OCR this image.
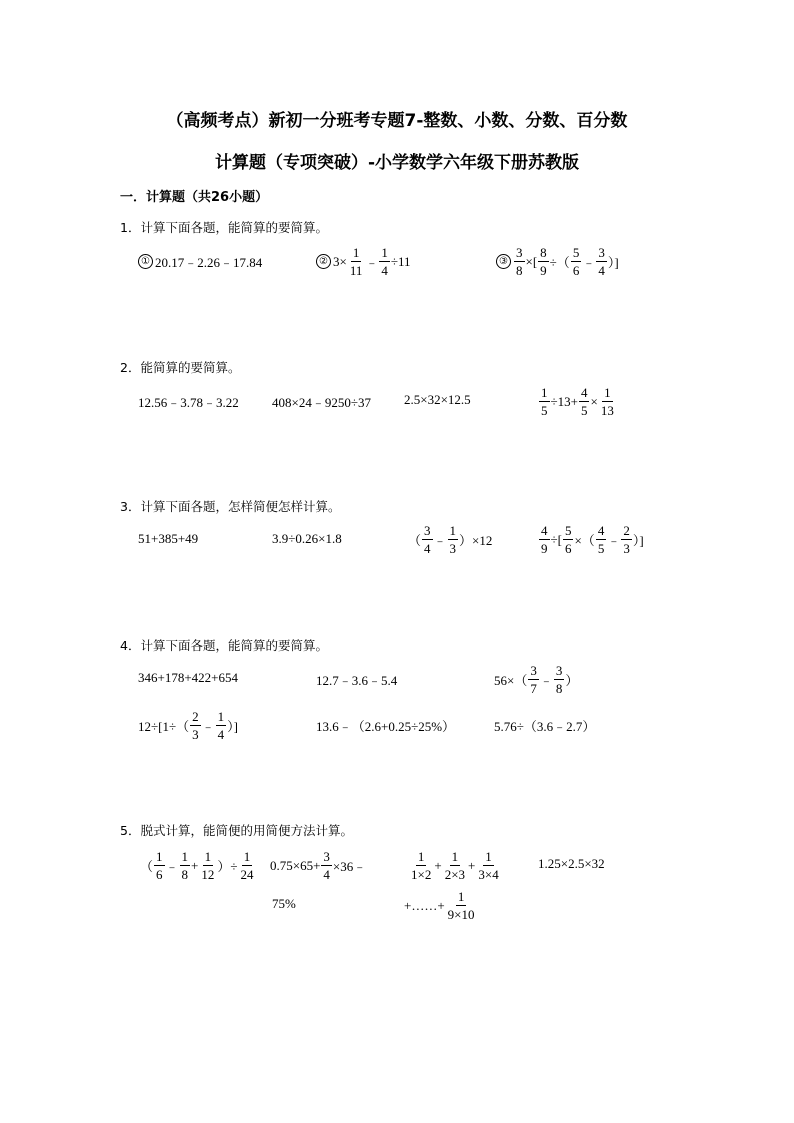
（高频考点）新初一分班考专题7-整数、小数、分数、百分数
计算题（专项突破）-小学数学六年级下册苏教版
一．计算题（共26小题）
1．计算下面各题，能简算的要简算。
① 20.17﹣2.26﹣17.84	② $3\times \frac{1}{11}$ ﹣ $\frac{1}{4} \div 11$	③ $\frac{3}{8}$ ×[ $\frac{8}{9}$ ÷（ $\frac{5}{6}$ ﹣ $\frac{3}{4}$ ）]
2．能简算的要简算。
12.56﹣3.78﹣3.22	408×24﹣9250÷37	2.5×32×12.5	$\frac{1}{5} \div 13+ \frac{4}{5} \times \frac{1}{13}$
3．计算下面各题，怎样简便怎样计算。
51+385+49	3.9÷0.26×1.8	（ $\frac{3}{4}$ ﹣ $\frac{1}{3} )\times 12$	$\frac{4}{9}$ ÷[ $\frac{5}{6}$ ×（ $\frac{4}{5}$ ﹣ $\frac{2}{3}$ ）]
4．计算下面各题，能简算的要简算。
346+178+422+654	12.7﹣3.6﹣5.4	$56\times( \frac{3}{7}$ ﹣ $\frac{3}{8}$ ）
$12\div[1\div( \frac{2}{3}$ ﹣ $\frac{1}{4}$ ）]	13.6﹣（2.6+0.25÷25%）	5.76÷（3.6﹣2.7）
5．脱式计算，能简便的用简便方法计算。
（ $\frac{1}{6}$ ﹣ $\frac{1}{8} + \frac{1}{12}$ ）÷ $\frac{1}{24} 0.75\times 65+ \frac{3}{4}$ ×36﹣
75%
$\frac{1}{1\times 2} + \frac{1}{2\times 3} + \frac{1}{3\times 4}$
+……+ $\frac{1}{9\times 10}$
1.25×2.5×32
